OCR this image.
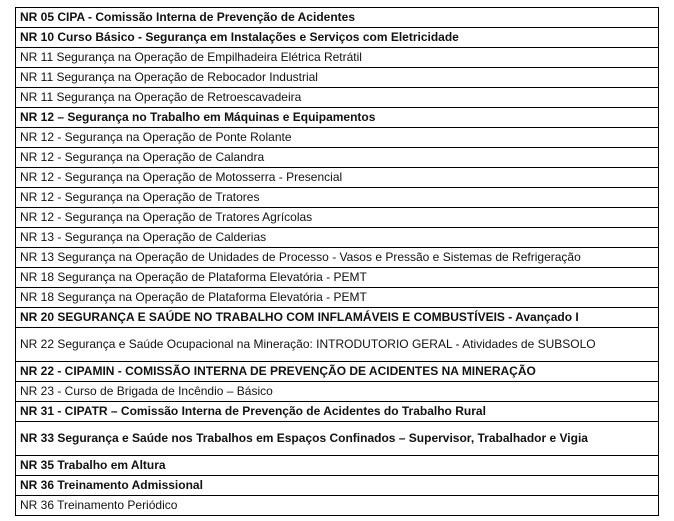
NR 05 CIPA - Comissão Interna de Prevenção de Acidentes
NR 10 Curso Básico - Segurança em Instalações e Serviços com Eletricidade
NR 11 Segurança na Operação de Empilhadeira Elétrica Retrátil
NR 11 Segurança na Operação de Rebocador Industrial
NR 11 Segurança na Operação de Retroescavadeira
NR 12 – Segurança no Trabalho em Máquinas e Equipamentos
NR 12 - Segurança na Operação de Ponte Rolante
NR 12 - Segurança na Operação de Calandra
NR 12 - Segurança na Operação de Motosserra - Presencial
NR 12 - Segurança na Operação de Tratores
NR 12 - Segurança na Operação de Tratores Agrícolas
NR 13 - Segurança na Operação de Calderias
NR 13 Segurança na Operação de Unidades de Processo - Vasos e Pressão e Sistemas de Refrigeração
NR 18 Segurança na Operação de Plataforma Elevatória - PEMT
NR 18 Segurança na Operação de Plataforma Elevatória - PEMT
NR 20 SEGURANÇA E SAÚDE NO TRABALHO COM INFLAMÁVEIS E COMBUSTÍVEIS - Avançado I
NR 22 Segurança e Saúde Ocupacional na Mineração: INTRODUTORIO GERAL - Atividades de SUBSOLO
NR 22 - CIPAMIN - COMISSÃO INTERNA DE PREVENÇÃO DE ACIDENTES NA MINERAÇÃO
NR 23 - Curso de Brigada de Incêndio – Básico
NR 31 - CIPATR – Comissão Interna de Prevenção de Acidentes do Trabalho Rural
NR 33 Segurança e Saúde nos Trabalhos em Espaços Confinados – Supervisor, Trabalhador e Vigia
NR 35 Trabalho em Altura
NR 36 Treinamento Admissional
NR 36 Treinamento Periódico
